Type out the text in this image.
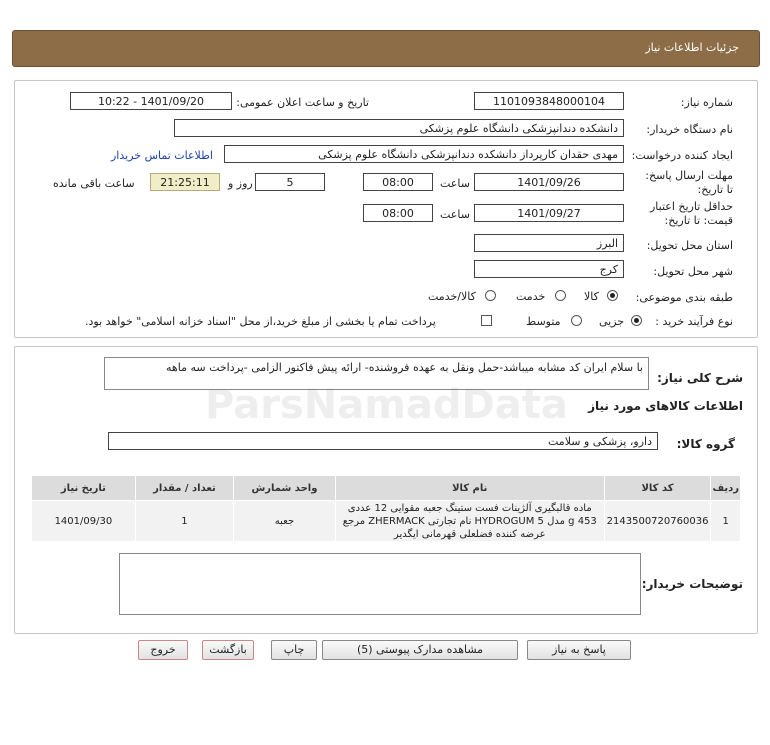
جزئیات اطلاعات نیاز
شماره نیاز:
1101093848000104
تاریخ و ساعت اعلان عمومی:
1401/09/20 - 10:22
نام دستگاه خریدار:
دانشکده دندانپزشکی دانشگاه علوم پزشکی
ایجاد کننده درخواست:
مهدی حقدان کارپرداز دانشکده دندانپزشکی دانشگاه علوم پزشکی
اطلاعات تماس خریدار
مهلت ارسال پاسخ: تا تاریخ:
1401/09/26
ساعت
08:00
5
روز و
21:25:11
ساعت باقی مانده
حداقل تاریخ اعتبار قیمت: تا تاریخ:
1401/09/27
ساعت
08:00
استان محل تحویل:
البرز
شهر محل تحویل:
کرج
طبقه بندی موضوعی:
کالا
خدمت
کالا/خدمت
نوع فرآیند خرید :
جزیی
متوسط
پرداخت تمام یا بخشی از مبلغ خرید،از محل "اسناد خزانه اسلامی" خواهد بود.
شرح کلی نیاز:
با سلام ایران کد مشابه میباشد-حمل ونقل به عهده فروشنده- ارائه پیش فاکتور الزامی -پرداخت سه ماهه
اطلاعات کالاهای مورد نیاز
گروه کالا:
دارو، پزشکی و سلامت
ردیف	کد کالا	نام کالا	واحد شمارش	تعداد / مقدار	تاریخ نیاز
1	2143500720760036	ماده قالبگیری آلژینات فست ستینگ جعبه مقوایی 12 عددی 453 g مدل HYDROGUM 5 نام تجارتی ZHERMACK مرجع عرضه کننده فضلعلی قهرمانی ایگدیر	جعبه	1	1401/09/30
توضیحات خریدار:
پاسخ به نیاز
مشاهده مدارک پیوستی (5)
چاپ
بازگشت
خروج
